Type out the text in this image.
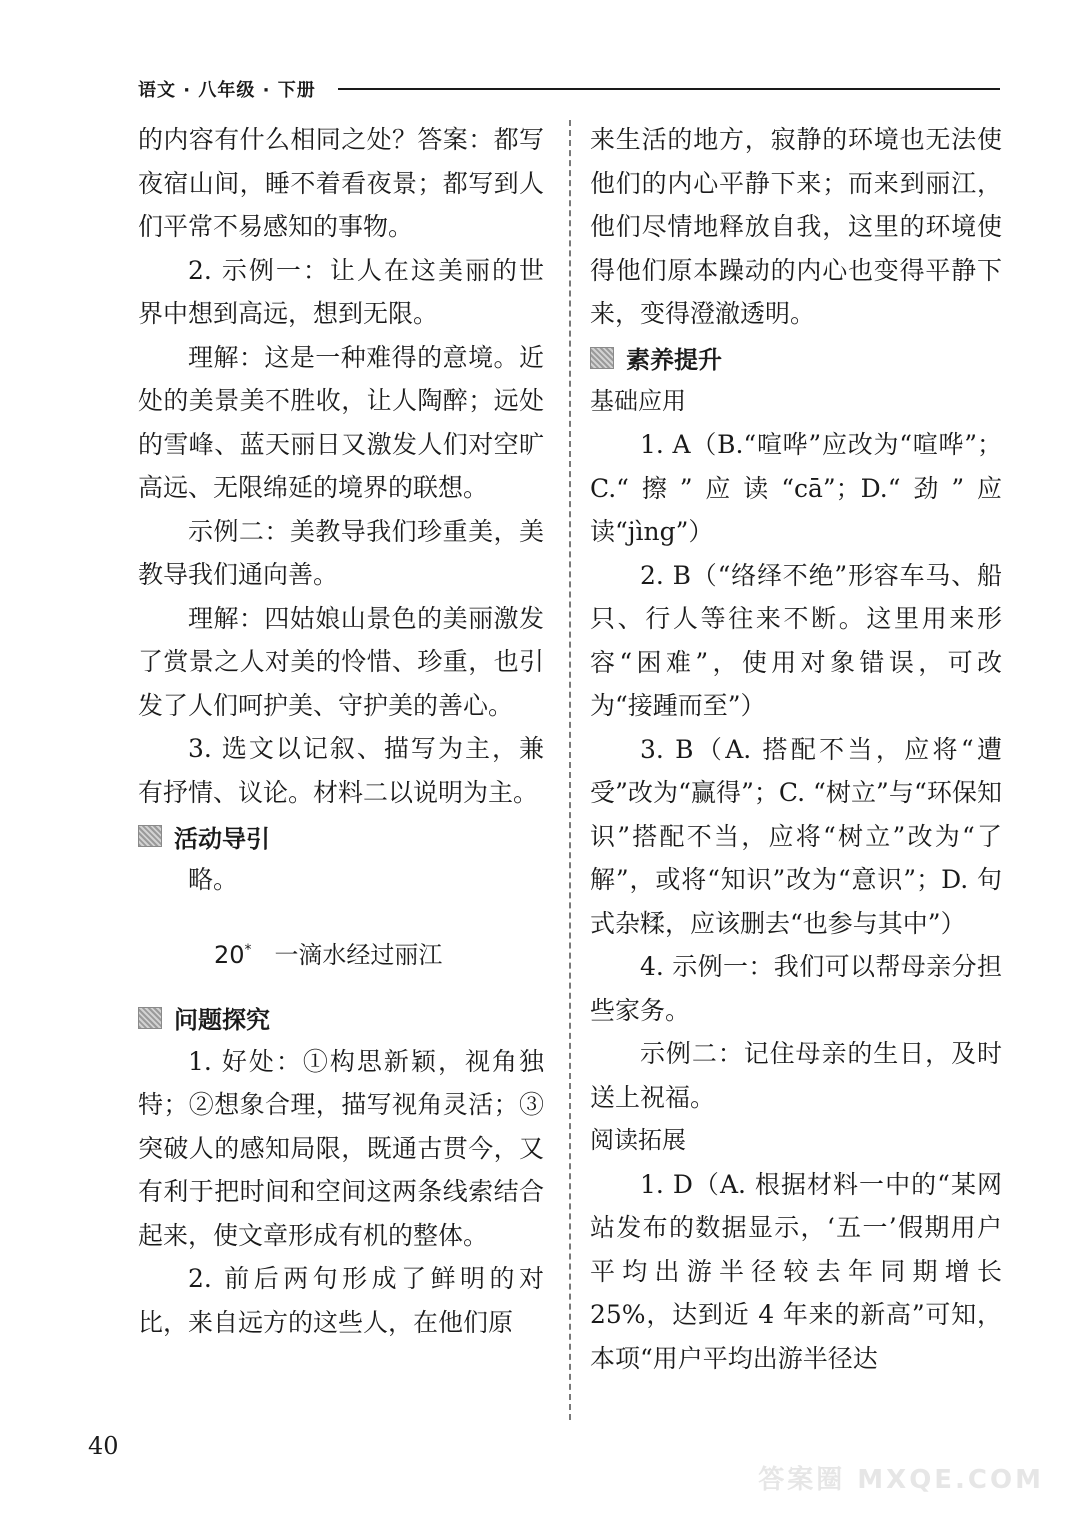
语文 · 八年级 · 下册

的内容有什么相同之处？答案：都写夜宿山间，睡不着看夜景；都写到人们平常不易感知的事物。

2. 示例一：让人在这美丽的世界中想到高远，想到无限。

理解：这是一种难得的意境。近处的美景美不胜收，让人陶醉；远处的雪峰、蓝天丽日又激发人们对空旷高远、无限绵延的境界的联想。

示例二：美教导我们珍重美，美教导我们通向善。

理解：四姑娘山景色的美丽激发了赏景之人对美的怜惜、珍重，也引发了人们呵护美、守护美的善心。

3. 选文以记叙、描写为主，兼有抒情、议论。材料二以说明为主。

活动导引

略。

20* 一滴水经过丽江
问题探究

1. 好处：①构思新颖，视角独特；②想象合理，描写视角灵活；③突破人的感知局限，既通古贯今，又有利于把时间和空间这两条线索结合起来，使文章形成有机的整体。

2. 前后两句形成了鲜明的对比，来自远方的这些人，在他们原

来生活的地方，寂静的环境也无法使他们的内心平静下来；而来到丽江，他们尽情地释放自我，这里的环境使得他们原本躁动的内心也变得平静下来，变得澄澈透明。

素养提升

基础应用

1. A（B.“喧哗”应改为“喧哗”；C.“擦”应读“cā”；D.“劲”应读“jìng”）

2. B（“络绎不绝”形容车马、船只、行人等往来不断。这里用来形容“困难”，使用对象错误，可改为“接踵而至”）

3. B（A. 搭配不当，应将“遭受”改为“赢得”；C. “树立”与“环保知识”搭配不当，应将“树立”改为“了解”，或将“知识”改为“意识”；D. 句式杂糅，应该删去“也参与其中”）

4. 示例一：我们可以帮母亲分担些家务。

示例二：记住母亲的生日，及时送上祝福。

阅读拓展

1. D（A. 根据材料一中的“某网站发布的数据显示，‘五一’假期用户平均出游半径较去年同期增长 25%，达到近 4 年来的新高”可知，本项“用户平均出游半径达

40
答案圈 MXQE.COM
